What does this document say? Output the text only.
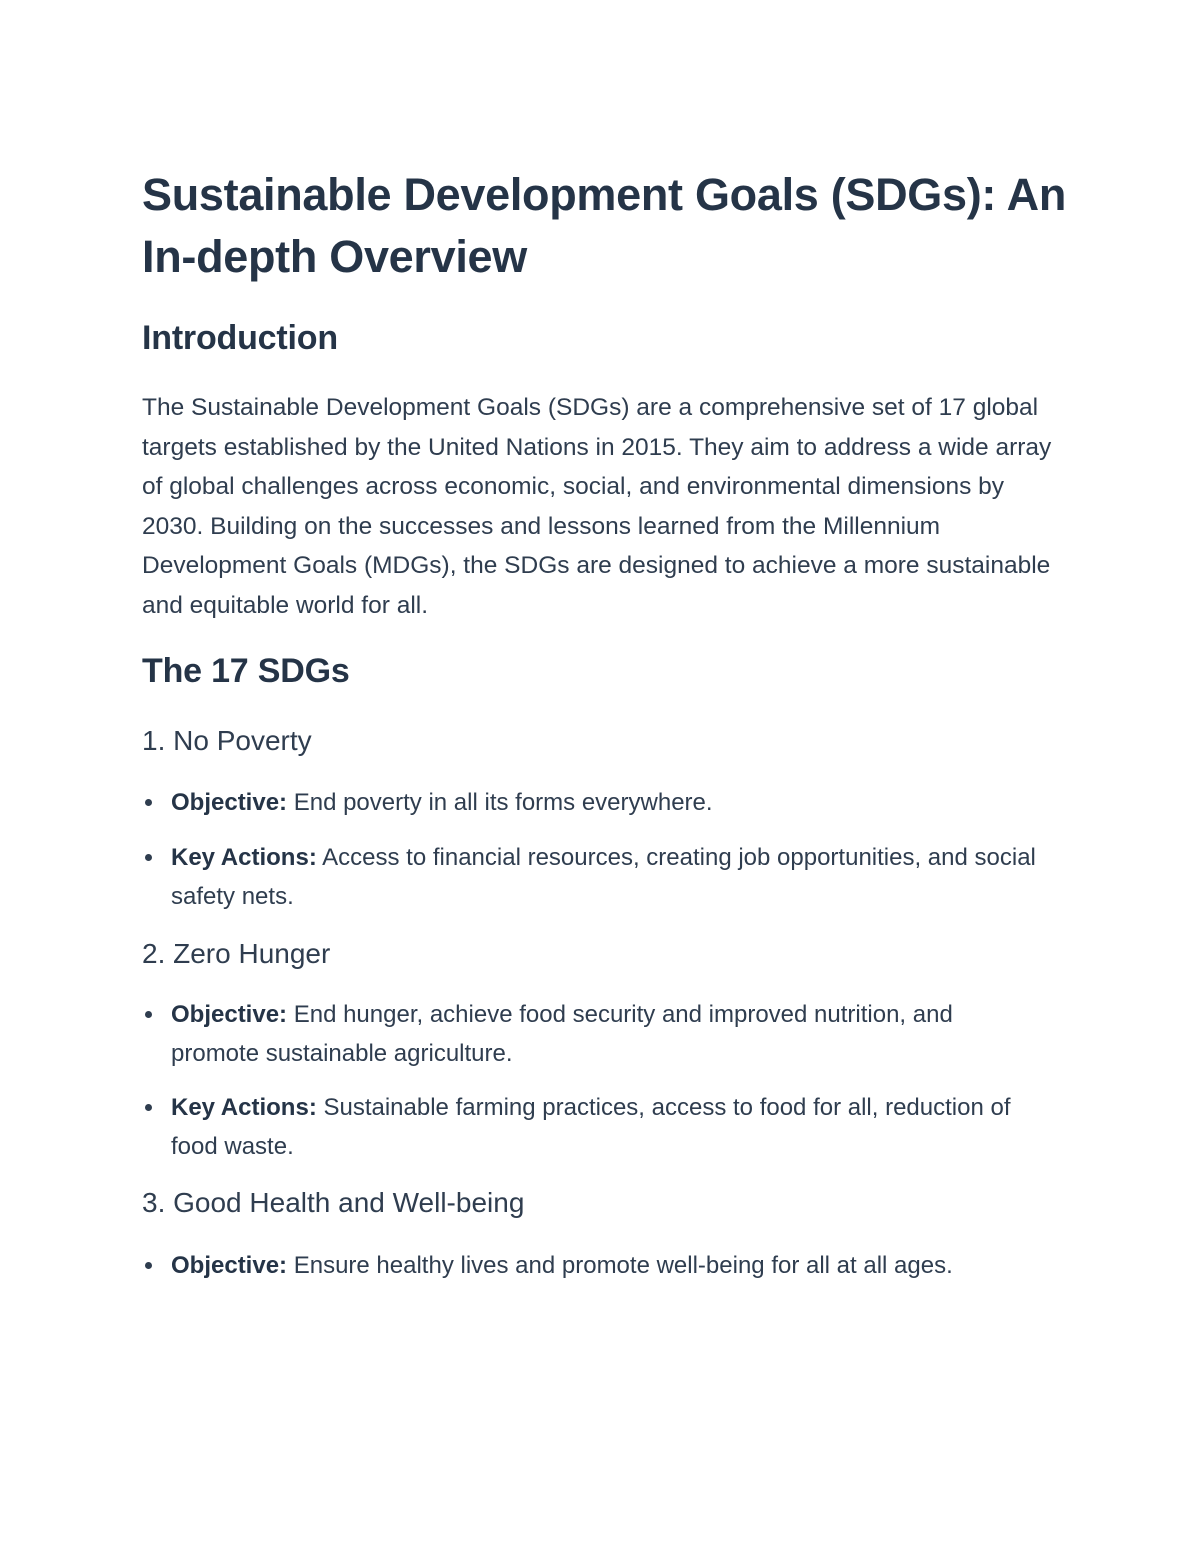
Sustainable Development Goals (SDGs): An In-depth Overview
Introduction

The Sustainable Development Goals (SDGs) are a comprehensive set of 17 global targets established by the United Nations in 2015. They aim to address a wide array of global challenges across economic, social, and environmental dimensions by 2030. Building on the successes and lessons learned from the Millennium Development Goals (MDGs), the SDGs are designed to achieve a more sustainable and equitable world for all.

The 17 SDGs
1. No Poverty

Objective: End poverty in all its forms everywhere.

Key Actions: Access to financial resources, creating job opportunities, and social safety nets.

2. Zero Hunger

Objective: End hunger, achieve food security and improved nutrition, and promote sustainable agriculture.

Key Actions: Sustainable farming practices, access to food for all, reduction of food waste.

3. Good Health and Well-being

Objective: Ensure healthy lives and promote well-being for all at all ages.
